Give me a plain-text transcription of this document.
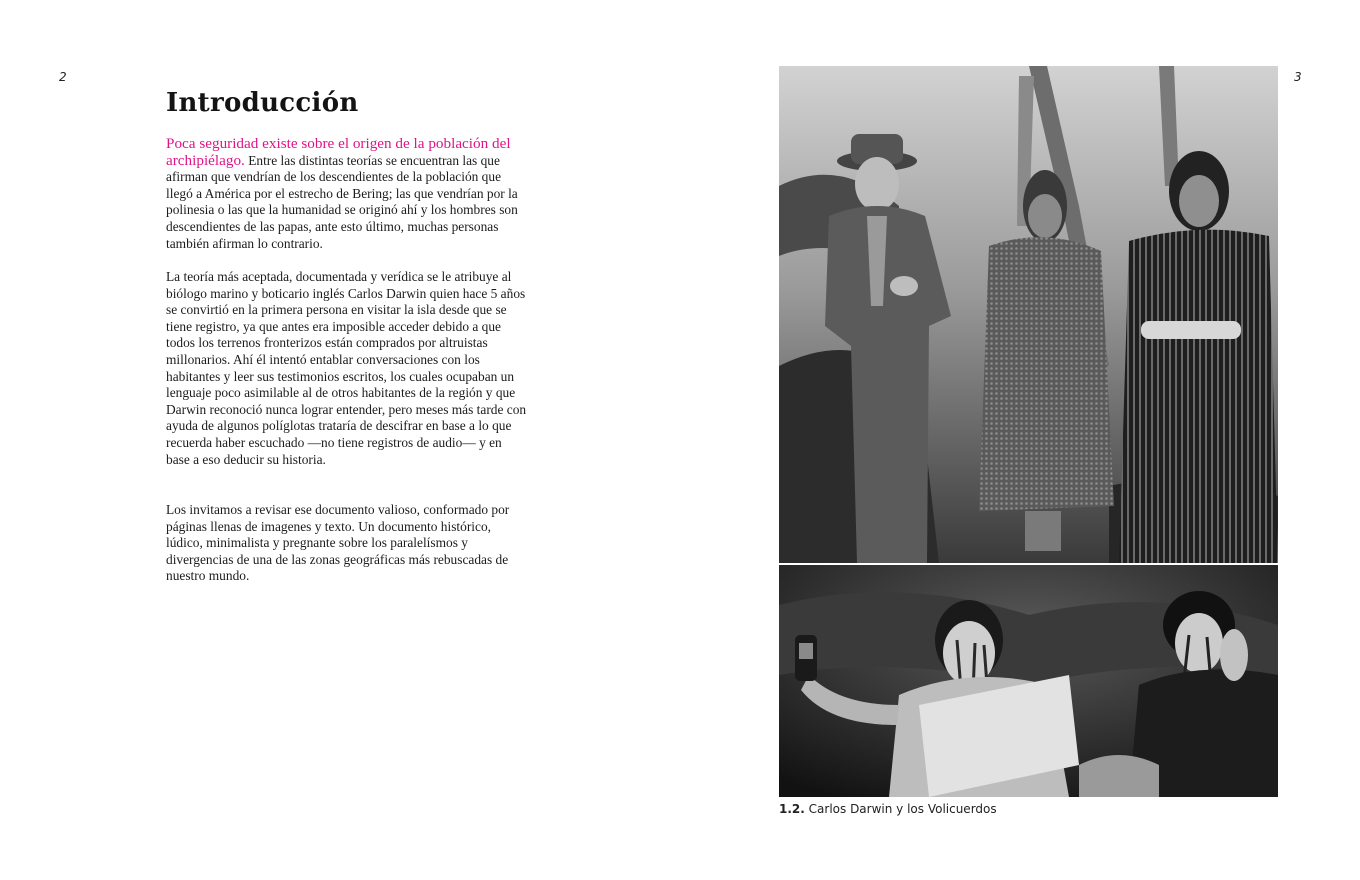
2	3
Introducción

Poca seguridad existe sobre el origen de la población del archipiélago. Entre las distintas teorías se encuentran las que afirman que vendrían de los descendientes de la población que llegó a América por el estrecho de Bering; las que vendrían por la polinesia o las que la humanidad se originó ahí y los hombres son descendientes de las papas, ante esto último, muchas personas también afirman lo contrario.

La teoría más aceptada, documentada y verídica se le atribuye al biólogo marino y boticario inglés Carlos Darwin quien hace 5 años se convirtió en la primera persona en visitar la isla desde que se tiene registro, ya que antes era imposible acceder debido a que todos los terrenos fronterizos están comprados por altruistas millonarios. Ahí él intentó entablar conversaciones con los habitantes y leer sus testimonios escritos, los cuales ocupaban un lenguaje poco asimilable al de otros habitantes de la región y que Darwin reconoció nunca lograr entender, pero meses más tarde con ayuda de algunos políglotas trataría de descifrar en base a lo que recuerda haber escuchado —no tiene registros de audio— y en base a eso deducir su historia.

Los invitamos a revisar ese documento valioso, conformado por páginas llenas de imagenes y texto. Un documento histórico, lúdico, minimalista y pregnante sobre los paralelísmos y divergencias de una de las zonas geográficas más rebuscadas de nuestro mundo.

1.2. Carlos Darwin y los Volicuerdos
